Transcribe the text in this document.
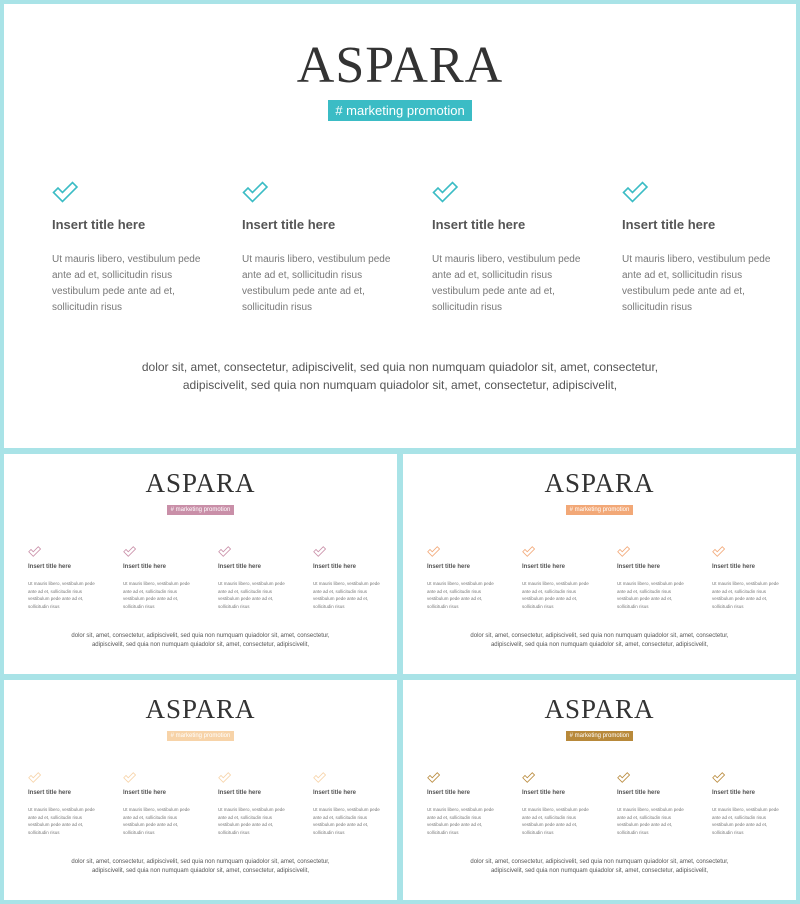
ASPARA
# marketing promotion
Insert title here
Ut mauris libero, vestibulum pede ante ad et, sollicitudin risus vestibulum pede ante ad et, sollicitudin risus
Insert title here
Ut mauris libero, vestibulum pede ante ad et, sollicitudin risus vestibulum pede ante ad et, sollicitudin risus
Insert title here
Ut mauris libero, vestibulum pede ante ad et, sollicitudin risus vestibulum pede ante ad et, sollicitudin risus
Insert title here
Ut mauris libero, vestibulum pede ante ad et, sollicitudin risus vestibulum pede ante ad et, sollicitudin risus
dolor sit, amet, consectetur, adipiscivelit, sed quia non numquam quiadolor sit, amet, consectetur, adipiscivelit, sed quia non numquam quiadolor sit, amet, consectetur, adipiscivelit,
ASPARA
# marketing promotion
Insert title here
Ut mauris libero, vestibulum pede ante ad et, sollicitudin risus vestibulum pede ante ad et, sollicitudin risus
Insert title here
Ut mauris libero, vestibulum pede ante ad et, sollicitudin risus vestibulum pede ante ad et, sollicitudin risus
Insert title here
Ut mauris libero, vestibulum pede ante ad et, sollicitudin risus vestibulum pede ante ad et, sollicitudin risus
Insert title here
Ut mauris libero, vestibulum pede ante ad et, sollicitudin risus vestibulum pede ante ad et, sollicitudin risus
dolor sit, amet, consectetur, adipiscivelit, sed quia non numquam quiadolor sit, amet, consectetur, adipiscivelit, sed quia non numquam quiadolor sit, amet, consectetur, adipiscivelit,
ASPARA
# marketing promotion
Insert title here
Ut mauris libero, vestibulum pede ante ad et, sollicitudin risus vestibulum pede ante ad et, sollicitudin risus
Insert title here
Ut mauris libero, vestibulum pede ante ad et, sollicitudin risus vestibulum pede ante ad et, sollicitudin risus
Insert title here
Ut mauris libero, vestibulum pede ante ad et, sollicitudin risus vestibulum pede ante ad et, sollicitudin risus
Insert title here
Ut mauris libero, vestibulum pede ante ad et, sollicitudin risus vestibulum pede ante ad et, sollicitudin risus
dolor sit, amet, consectetur, adipiscivelit, sed quia non numquam quiadolor sit, amet, consectetur, adipiscivelit, sed quia non numquam quiadolor sit, amet, consectetur, adipiscivelit,
ASPARA
# marketing promotion
Insert title here
Ut mauris libero, vestibulum pede ante ad et, sollicitudin risus vestibulum pede ante ad et, sollicitudin risus
Insert title here
Ut mauris libero, vestibulum pede ante ad et, sollicitudin risus vestibulum pede ante ad et, sollicitudin risus
Insert title here
Ut mauris libero, vestibulum pede ante ad et, sollicitudin risus vestibulum pede ante ad et, sollicitudin risus
Insert title here
Ut mauris libero, vestibulum pede ante ad et, sollicitudin risus vestibulum pede ante ad et, sollicitudin risus
dolor sit, amet, consectetur, adipiscivelit, sed quia non numquam quiadolor sit, amet, consectetur, adipiscivelit, sed quia non numquam quiadolor sit, amet, consectetur, adipiscivelit,
ASPARA
# marketing promotion
Insert title here
Ut mauris libero, vestibulum pede ante ad et, sollicitudin risus vestibulum pede ante ad et, sollicitudin risus
Insert title here
Ut mauris libero, vestibulum pede ante ad et, sollicitudin risus vestibulum pede ante ad et, sollicitudin risus
Insert title here
Ut mauris libero, vestibulum pede ante ad et, sollicitudin risus vestibulum pede ante ad et, sollicitudin risus
Insert title here
Ut mauris libero, vestibulum pede ante ad et, sollicitudin risus vestibulum pede ante ad et, sollicitudin risus
dolor sit, amet, consectetur, adipiscivelit, sed quia non numquam quiadolor sit, amet, consectetur, adipiscivelit, sed quia non numquam quiadolor sit, amet, consectetur, adipiscivelit,
